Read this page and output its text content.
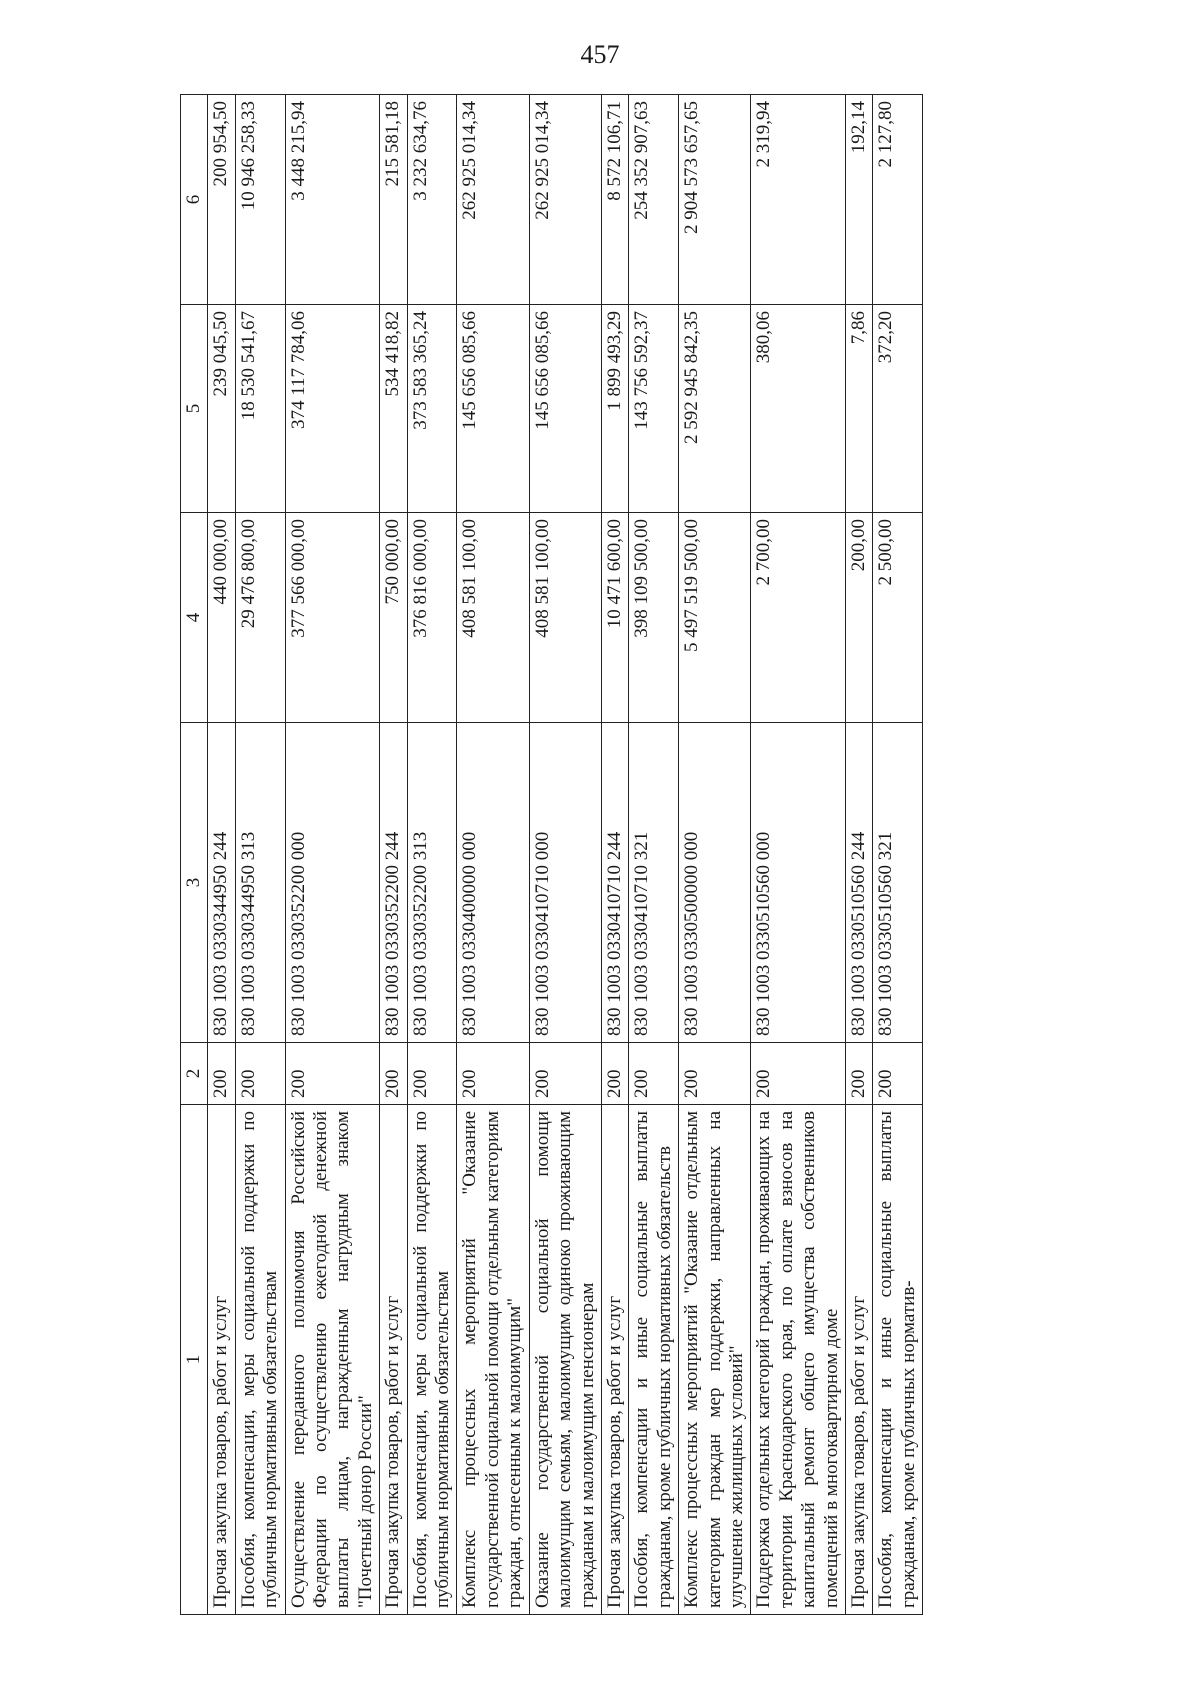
457
1	2	3	4	5	6
Прочая закупка товаров, работ и услуг	200	830 1003 0330344950 244	440 000,00	239 045,50	200 954,50
Пособия, компенсации, меры социальной поддержки по публичным нормативным обязательствам	200	830 1003 0330344950 313	29 476 800,00	18 530 541,67	10 946 258,33
Осуществление переданного полномочия Российской Федерации по осуществлению ежегодной денежной выплаты лицам, награжденным нагрудным знаком "Почетный донор России"	200	830 1003 0330352200 000	377 566 000,00	374 117 784,06	3 448 215,94
Прочая закупка товаров, работ и услуг	200	830 1003 0330352200 244	750 000,00	534 418,82	215 581,18
Пособия, компенсации, меры социальной поддержки по публичным нормативным обязательствам	200	830 1003 0330352200 313	376 816 000,00	373 583 365,24	3 232 634,76
Комплекс процессных мероприятий "Оказание государственной социальной помощи отдельным категориям граждан, отнесенным к малоимущим"	200	830 1003 0330400000 000	408 581 100,00	145 656 085,66	262 925 014,34
Оказание государственной социальной помощи малоимущим семьям, малоимущим одиноко проживающим гражданам и малоимущим пенсионерам	200	830 1003 0330410710 000	408 581 100,00	145 656 085,66	262 925 014,34
Прочая закупка товаров, работ и услуг	200	830 1003 0330410710 244	10 471 600,00	1 899 493,29	8 572 106,71
Пособия, компенсации и иные социальные выплаты гражданам, кроме публичных нормативных обязательств	200	830 1003 0330410710 321	398 109 500,00	143 756 592,37	254 352 907,63
Комплекс процессных мероприятий "Оказание отдельным категориям граждан мер поддержки, направленных на улучшение жилищных условий"	200	830 1003 0330500000 000	5 497 519 500,00	2 592 945 842,35	2 904 573 657,65
Поддержка отдельных категорий граждан, проживающих на территории Краснодарского края, по оплате взносов на капитальный ремонт общего имущества собственников помещений в многоквартирном доме	200	830 1003 0330510560 000	2 700,00	380,06	2 319,94
Прочая закупка товаров, работ и услуг	200	830 1003 0330510560 244	200,00	7,86	192,14
Пособия, компенсации и иные социальные выплаты гражданам, кроме публичных норматив-	200	830 1003 0330510560 321	2 500,00	372,20	2 127,80
